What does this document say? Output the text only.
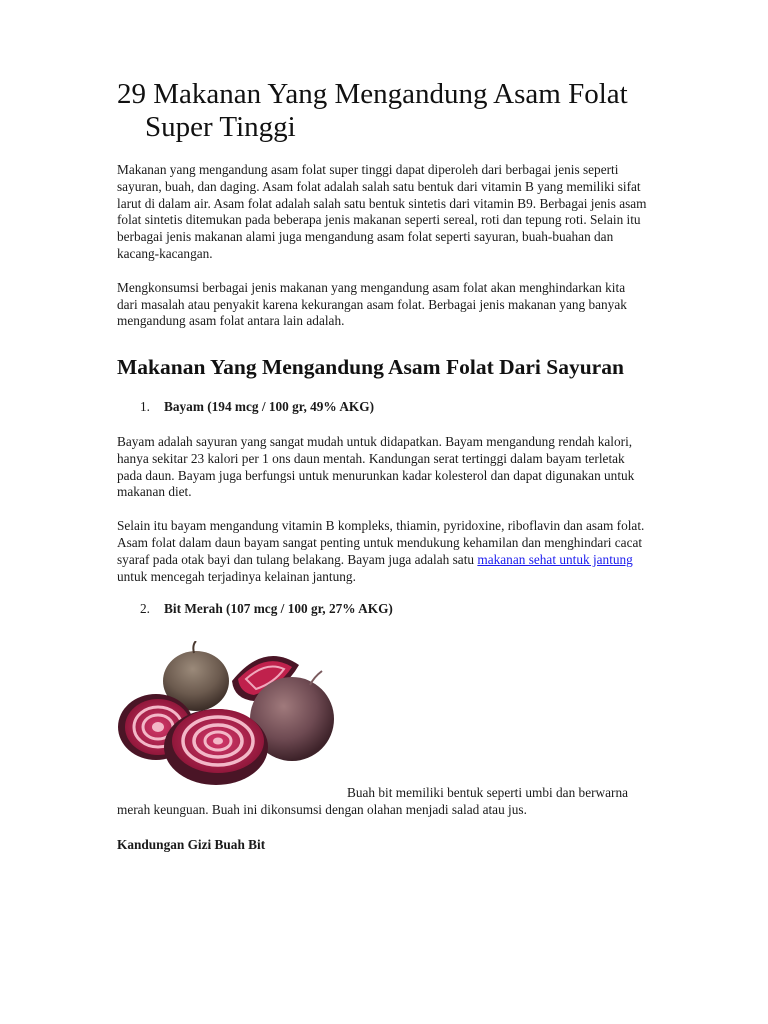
29 Makanan Yang Mengandung Asam Folat Super Tinggi

Makanan yang mengandung asam folat super tinggi dapat diperoleh dari berbagai jenis seperti sayuran, buah, dan daging. Asam folat adalah salah satu bentuk dari vitamin B yang memiliki sifat larut di dalam air. Asam folat adalah salah satu bentuk sintetis dari vitamin B9. Berbagai jenis asam folat sintetis ditemukan pada beberapa jenis makanan seperti sereal, roti dan tepung roti. Selain itu berbagai jenis makanan alami juga mengandung asam folat seperti sayuran, buah-buahan dan kacang-kacangan.

Mengkonsumsi berbagai jenis makanan yang mengandung asam folat akan menghindarkan kita dari masalah atau penyakit karena kekurangan asam folat. Berbagai jenis makanan yang banyak mengandung asam folat antara lain adalah.

Makanan Yang Mengandung Asam Folat Dari Sayuran
1.	Bayam (194 mcg / 100 gr, 49% AKG)

Bayam adalah sayuran yang sangat mudah untuk didapatkan. Bayam mengandung rendah kalori, hanya sekitar 23 kalori per 1 ons daun mentah. Kandungan serat tertinggi dalam bayam terletak pada daun. Bayam juga berfungsi untuk menurunkan kadar kolesterol dan dapat digunakan untuk makanan diet.

Selain itu bayam mengandung vitamin B kompleks, thiamin, pyridoxine, riboflavin dan asam folat. Asam folat dalam daun bayam sangat penting untuk mendukung kehamilan dan menghindari cacat syaraf pada otak bayi dan tulang belakang. Bayam juga adalah satu makanan sehat untuk jantung untuk mencegah terjadinya kelainan jantung.

2.	Bit Merah (107 mcg / 100 gr, 27% AKG)

Buah bit memiliki bentuk seperti umbi dan berwarna merah keunguan. Buah ini dikonsumsi dengan olahan menjadi salad atau jus.

Kandungan Gizi Buah Bit
